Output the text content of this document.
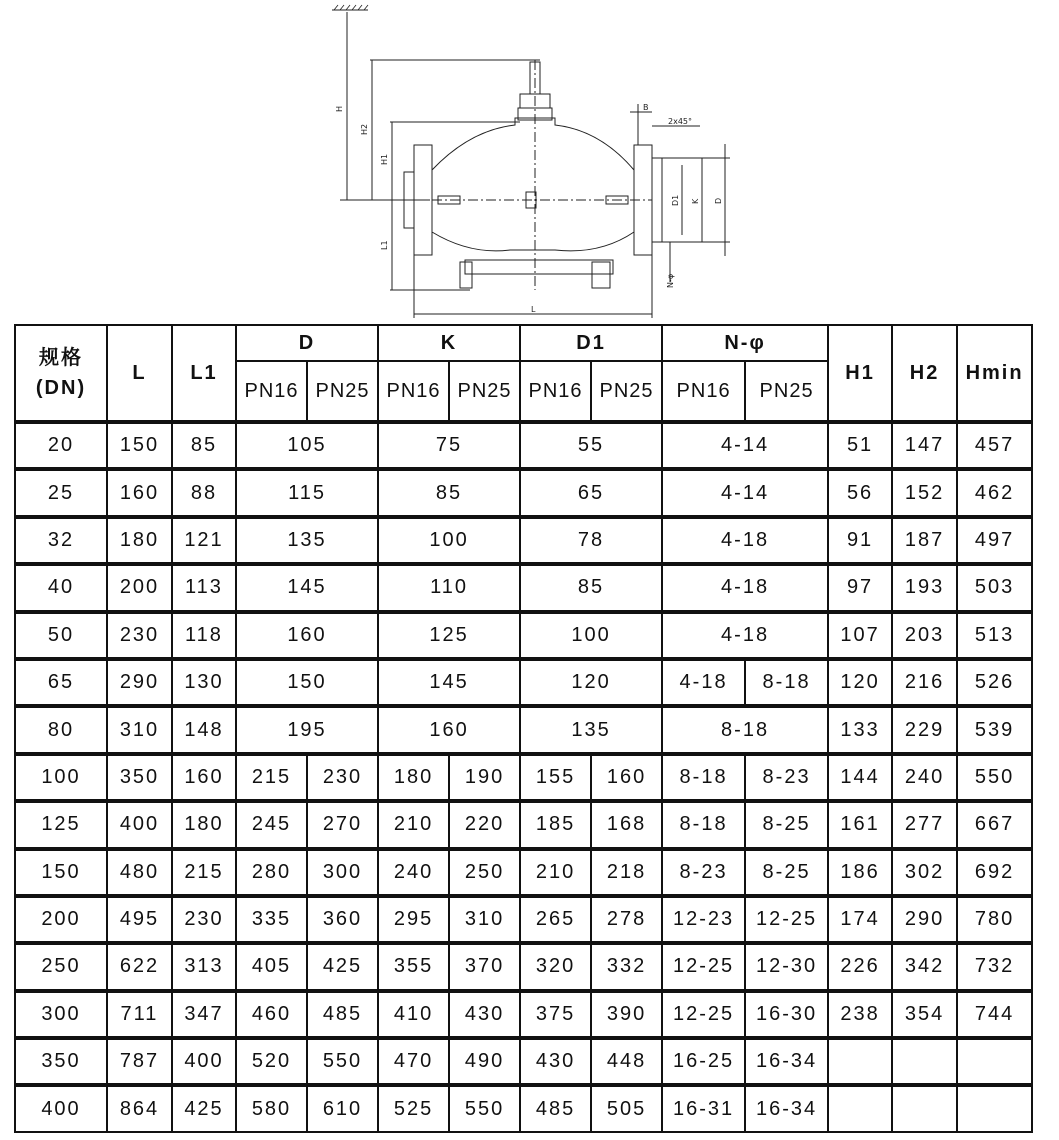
H
H2
H1
L1
L
B
2x45°
D1 K D
N-φ
规格
(DN)	L	L1	D		K		D1		N-φ		H1	H2	Hmin
			PN16	PN25	PN16	PN25	PN16	PN25	PN16	PN25			
20	150	85	105		75		55		4-14		51	147	457
25	160	88	115		85		65		4-14		56	152	462
32	180	121	135		100		78		4-18		91	187	497
40	200	113	145		110		85		4-18		97	193	503
50	230	118	160		125		100		4-18		107	203	513
65	290	130	150		145		120		4-18	8-18	120	216	526
80	310	148	195		160		135		8-18		133	229	539
100	350	160	215	230	180	190	155	160	8-18	8-23	144	240	550
125	400	180	245	270	210	220	185	168	8-18	8-25	161	277	667
150	480	215	280	300	240	250	210	218	8-23	8-25	186	302	692
200	495	230	335	360	295	310	265	278	12-23	12-25	174	290	780
250	622	313	405	425	355	370	320	332	12-25	12-30	226	342	732
300	711	347	460	485	410	430	375	390	12-25	16-30	238	354	744
350	787	400	520	550	470	490	430	448	16-25	16-34			
400	864	425	580	610	525	550	485	505	16-31	16-34			
